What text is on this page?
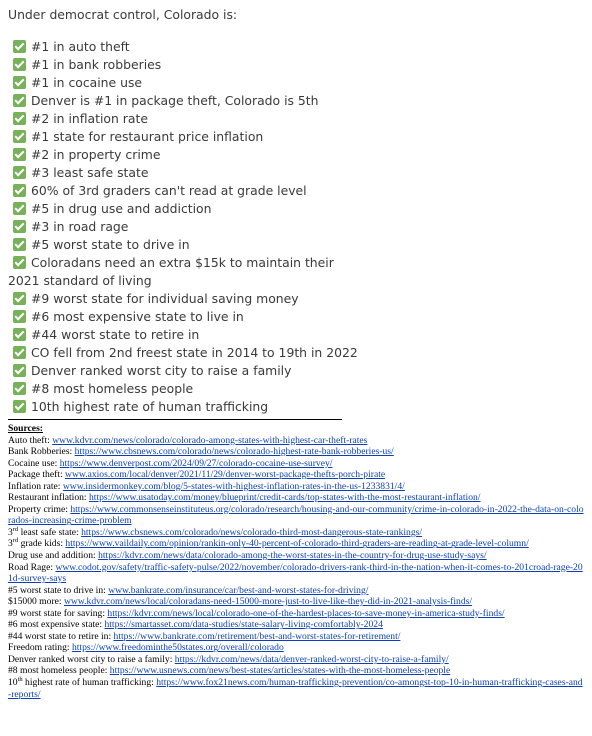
Under democrat control, Colorado is:
#1 in auto theft
#1 in bank robberies
#1 in cocaine use
Denver is #1 in package theft, Colorado is 5th
#2 in inflation rate
#1 state for restaurant price inflation
#2 in property crime
#3 least safe state
60% of 3rd graders can't read at grade level
#5 in drug use and addiction
#3 in road rage
#5 worst state to drive in
Coloradans need an extra $15k to maintain their
2021 standard of living
#9 worst state for individual saving money
#6 most expensive state to live in
#44 worst state to retire in
CO fell from 2nd freest state in 2014 to 19th in 2022
Denver ranked worst city to raise a family
#8 most homeless people
10th highest rate of human trafficking
Sources:
Auto theft: www.kdvr.com/news/colorado/colorado-among-states-with-highest-car-theft-rates
Bank Robberies: https://www.cbsnews.com/colorado/news/colorado-highest-rate-bank-robberies-us/
Cocaine use: https://www.denverpost.com/2024/09/27/colorado-cocaine-use-survey/
Package theft: www.axios.com/local/denver/2021/11/29/denver-worst-package-thefts-porch-pirate
Inflation rate: www.insidermonkey.com/blog/5-states-with-highest-inflation-rates-in-the-us-1233831/4/
Restaurant inflation: https://www.usatoday.com/money/blueprint/credit-cards/top-states-with-the-most-restaurant-inflation/
Property crime: https://www.commonsenseinstituteus.org/colorado/research/housing-and-our-community/crime-in-colorado-in-2022-the-data-on-colorados-increasing-crime-problem
3rd least safe state: https://www.cbsnews.com/colorado/news/colorado-third-most-dangerous-state-rankings/
3rd grade kids: https://www.vaildaily.com/opinion/rankin-only-40-percent-of-colorado-third-graders-are-reading-at-grade-level-column/
Drug use and addition: https://kdvr.com/news/data/colorado-among-the-worst-states-in-the-country-for-drug-use-study-says/
Road Rage: www.codot.gov/safety/traffic-safety-pulse/2022/november/colorado-drivers-rank-third-in-the-nation-when-it-comes-to-201croad-rage-201d-survey-says
#5 worst state to drive in: www.bankrate.com/insurance/car/best-and-worst-states-for-driving/
$15000 more: www.kdvr.com/news/local/coloradans-need-15000-more-just-to-live-like-they-did-in-2021-analysis-finds/
#9 worst state for saving: https://kdvr.com/news/local/colorado-one-of-the-hardest-places-to-save-money-in-america-study-finds/
#6 most expensive state: https://smartasset.com/data-studies/state-salary-living-comfortably-2024
#44 worst state to retire in: https://www.bankrate.com/retirement/best-and-worst-states-for-retirement/
Freedom rating: https://www.freedominthe50states.org/overall/colorado
Denver ranked worst city to raise a family: https://kdvr.com/news/data/denver-ranked-worst-city-to-raise-a-family/
#8 most homeless people: https://www.usnews.com/news/best-states/articles/states-with-the-most-homeless-people
10th highest rate of human trafficking: https://www.fox21news.com/human-trafficking-prevention/co-amongst-top-10-in-human-trafficking-cases-and-reports/
